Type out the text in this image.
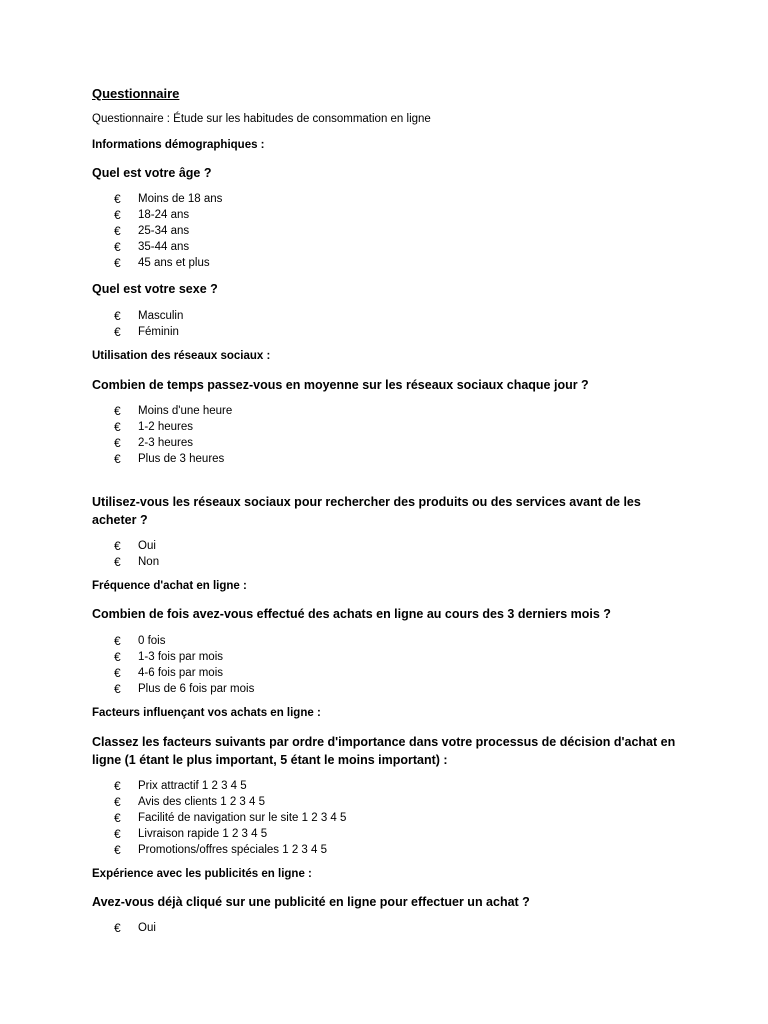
Questionnaire
Questionnaire : Étude sur les habitudes de consommation en ligne
Informations démographiques :
Quel est votre âge ?
€	Moins de 18 ans
€	18-24 ans
€	25-34 ans
€	35-44 ans
€	45 ans et plus
Quel est votre sexe ?
€	Masculin
€	Féminin
Utilisation des réseaux sociaux :
Combien de temps passez-vous en moyenne sur les réseaux sociaux chaque jour ?
€	Moins d'une heure
€	1-2 heures
€	2-3 heures
€	Plus de 3 heures
Utilisez-vous les réseaux sociaux pour rechercher des produits ou des services avant de les acheter ?
€	Oui
€	Non
Fréquence d'achat en ligne :
Combien de fois avez-vous effectué des achats en ligne au cours des 3 derniers mois ?
€	0 fois
€	1-3 fois par mois
€	4-6 fois par mois
€	Plus de 6 fois par mois
Facteurs influençant vos achats en ligne :
Classez les facteurs suivants par ordre d'importance dans votre processus de décision d'achat en ligne (1 étant le plus important, 5 étant le moins important) :
€	Prix attractif 1 2 3 4 5
€	Avis des clients 1 2 3 4 5
€	Facilité de navigation sur le site 1 2 3 4 5
€	Livraison rapide 1 2 3 4 5
€	Promotions/offres spéciales 1 2 3 4 5
Expérience avec les publicités en ligne :
Avez-vous déjà cliqué sur une publicité en ligne pour effectuer un achat ?
€	Oui
